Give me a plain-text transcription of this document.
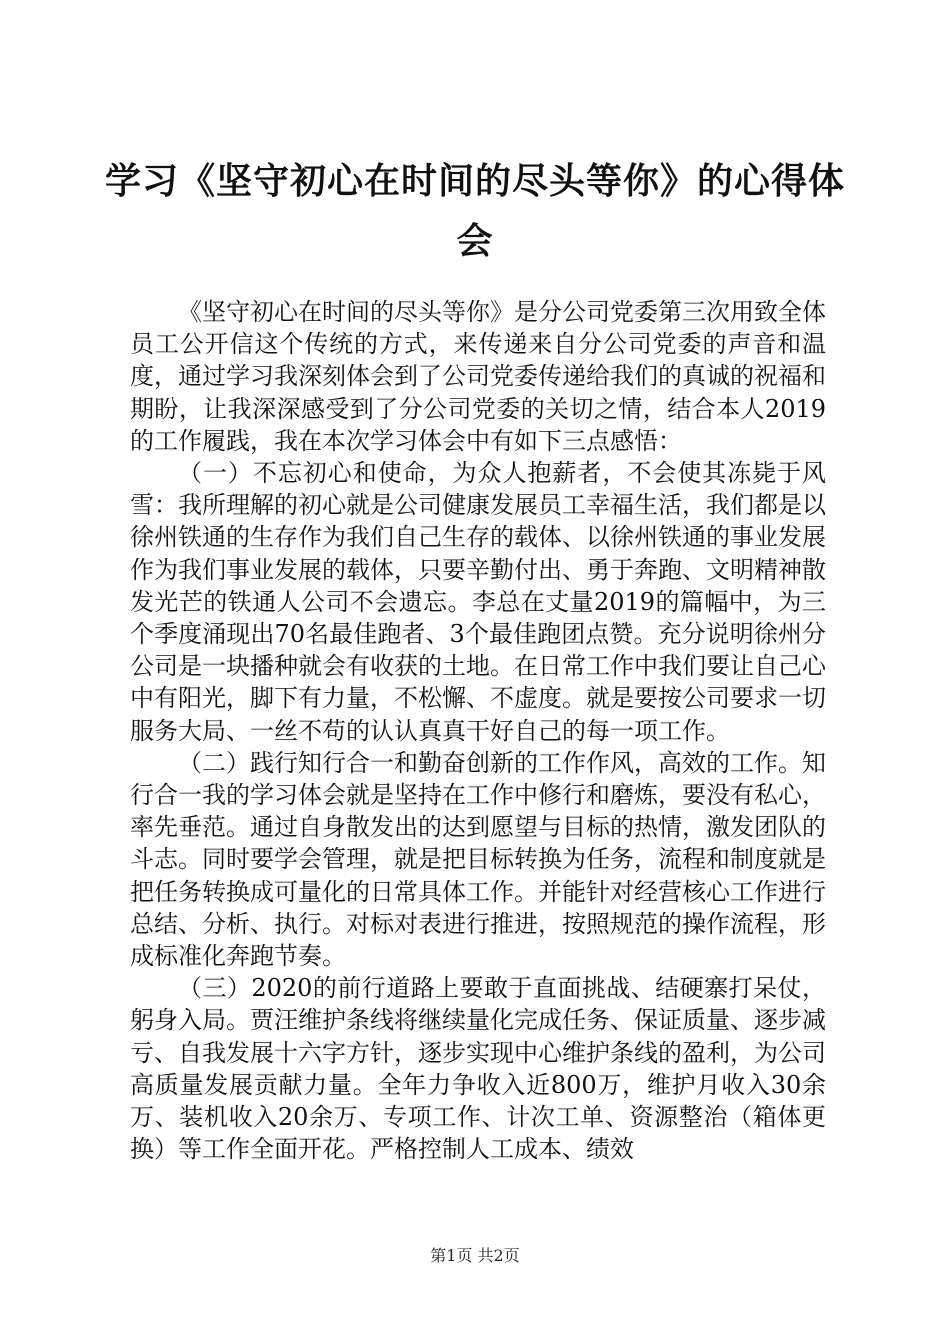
学习《坚守初心在时间的尽头等你》的心得体
会

《坚守初心在时间的尽头等你》是分公司党委第三次用致全体员工公开信这个传统的方式，来传递来自分公司党委的声音和温度，通过学习我深刻体会到了公司党委传递给我们的真诚的祝福和期盼，让我深深感受到了分公司党委的关切之情，结合本人2019的工作履践，我在本次学习体会中有如下三点感悟：

（一）不忘初心和使命，为众人抱薪者，不会使其冻毙于风雪：我所理解的初心就是公司健康发展员工幸福生活，我们都是以徐州铁通的生存作为我们自己生存的载体、以徐州铁通的事业发展作为我们事业发展的载体，只要辛勤付出、勇于奔跑、文明精神散发光芒的铁通人公司不会遗忘。李总在丈量2019的篇幅中，为三个季度涌现出70名最佳跑者、3个最佳跑团点赞。充分说明徐州分公司是一块播种就会有收获的土地。在日常工作中我们要让自己心中有阳光，脚下有力量，不松懈、不虚度。就是要按公司要求一切服务大局、一丝不苟的认认真真干好自己的每一项工作。

（二）践行知行合一和勤奋创新的工作作风，高效的工作。知行合一我的学习体会就是坚持在工作中修行和磨炼，要没有私心，率先垂范。通过自身散发出的达到愿望与目标的热情，激发团队的斗志。同时要学会管理，就是把目标转换为任务，流程和制度就是把任务转换成可量化的日常具体工作。并能针对经营核心工作进行总结、分析、执行。对标对表进行推进，按照规范的操作流程，形成标准化奔跑节奏。

（三）2020的前行道路上要敢于直面挑战、结硬寨打呆仗，躬身入局。贾汪维护条线将继续量化完成任务、保证质量、逐步减亏、自我发展十六字方针，逐步实现中心维护条线的盈利，为公司高质量发展贡献力量。全年力争收入近800万，维护月收入30余万、装机收入20余万、专项工作、计次工单、资源整治（箱体更换）等工作全面开花。严格控制人工成本、绩效

第1页 共2页
